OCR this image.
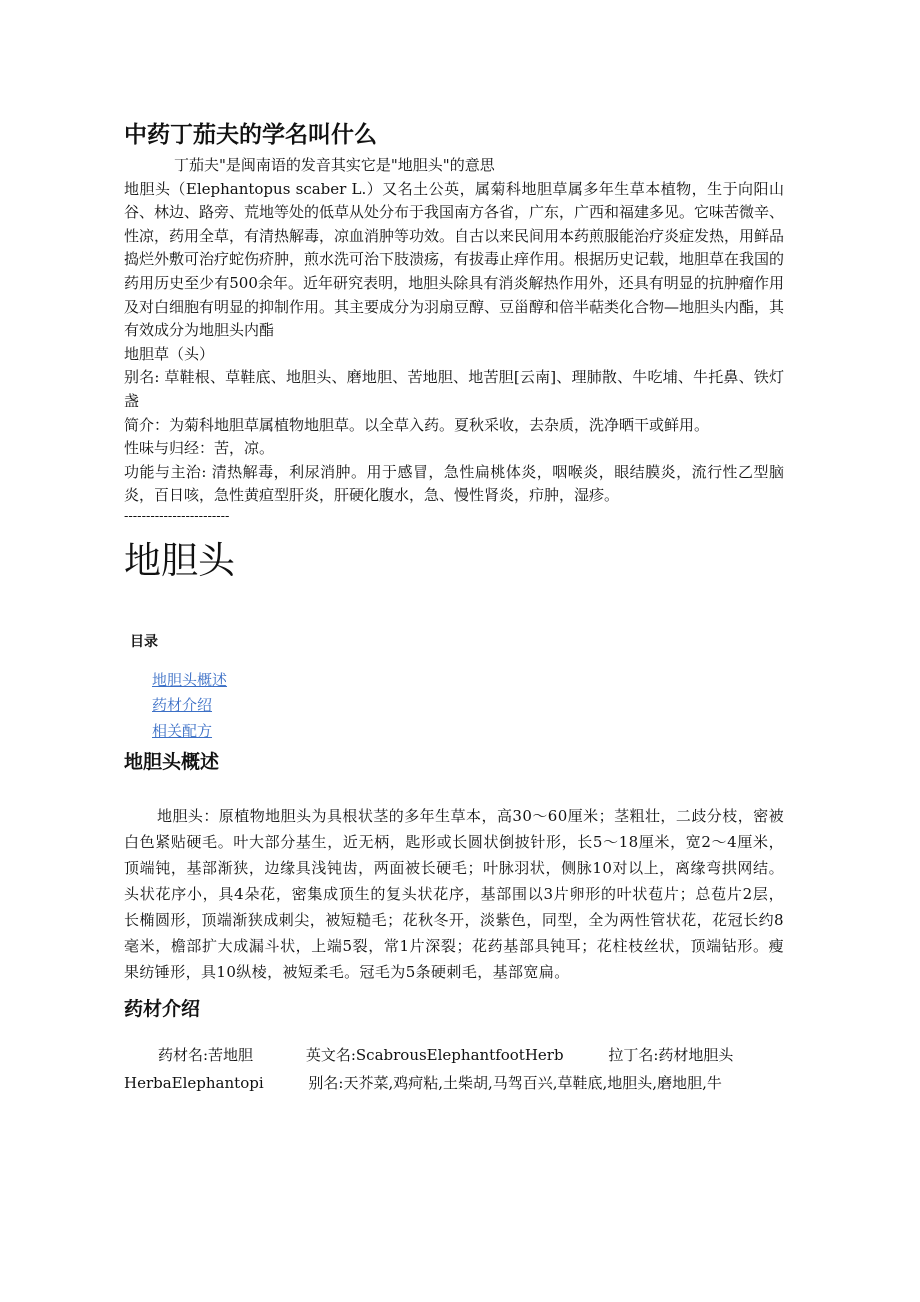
中药丁茄夫的学名叫什么

丁茄夫"是闽南语的发音其实它是"地胆头"的意思

地胆头（Elephantopus scaber L.）又名土公英，属菊科地胆草属多年生草本植物，生于向阳山谷、林边、路旁、荒地等处的低草从处分布于我国南方各省，广东，广西和福建多见。它味苦微辛、性凉，药用全草，有清热解毒，凉血消肿等功效。自古以来民间用本药煎服能治疗炎症发热，用鲜品捣烂外敷可治疗蛇伤疥肿，煎水洗可治下肢溃疡，有拔毒止痒作用。根据历史记载，地胆草在我国的药用历史至少有500余年。近年研究表明，地胆头除具有消炎解热作用外，还具有明显的抗肿瘤作用及对白细胞有明显的抑制作用。其主要成分为羽扇豆醇、豆甾醇和倍半萜类化合物—地胆头内酯，其有效成分为地胆头内酯

地胆草（头）

别名: 草鞋根、草鞋底、地胆头、磨地胆、苦地胆、地苦胆[云南]、理肺散、牛吃埔、牛托鼻、铁灯盏

简介：为菊科地胆草属植物地胆草。以全草入药。夏秋采收，去杂质，洗净晒干或鲜用。

性味与归经：苦，凉。

功能与主治: 清热解毒，利尿消肿。用于感冒，急性扁桃体炎，咽喉炎，眼结膜炎，流行性乙型脑炎，百日咳，急性黄疸型肝炎，肝硬化腹水，急、慢性肾炎，疖肿，湿疹。

------------------------

地胆头
目录
地胆头概述
药材介绍
相关配方
地胆头概述

地胆头：原植物地胆头为具根状茎的多年生草本，高30～60厘米；茎粗壮，二歧分枝，密被白色紧贴硬毛。叶大部分基生，近无柄，匙形或长圆状倒披针形，长5～18厘米，宽2～4厘米，顶端钝，基部渐狭，边缘具浅钝齿，两面被长硬毛；叶脉羽状，侧脉10对以上，离缘弯拱网结。头状花序小，具4朵花，密集成顶生的复头状花序，基部围以3片卵形的叶状苞片；总苞片2层，长椭圆形，顶端渐狭成刺尖，被短糙毛；花秋冬开，淡紫色，同型，全为两性管状花，花冠长约8毫米，檐部扩大成漏斗状，上端5裂，常1片深裂；花药基部具钝耳；花柱枝丝状，顶端钻形。瘦果纺锤形，具10纵棱，被短柔毛。冠毛为5条硬刺毛，基部宽扁。

药材介绍
药材名:苦地胆	英文名:ScabrousElephantfootHerb	拉丁名:药材地胆头
HerbaElephantopi	别名:天芥菜,鸡疴粘,土柴胡,马驾百兴,草鞋底,地胆头,磨地胆,牛
